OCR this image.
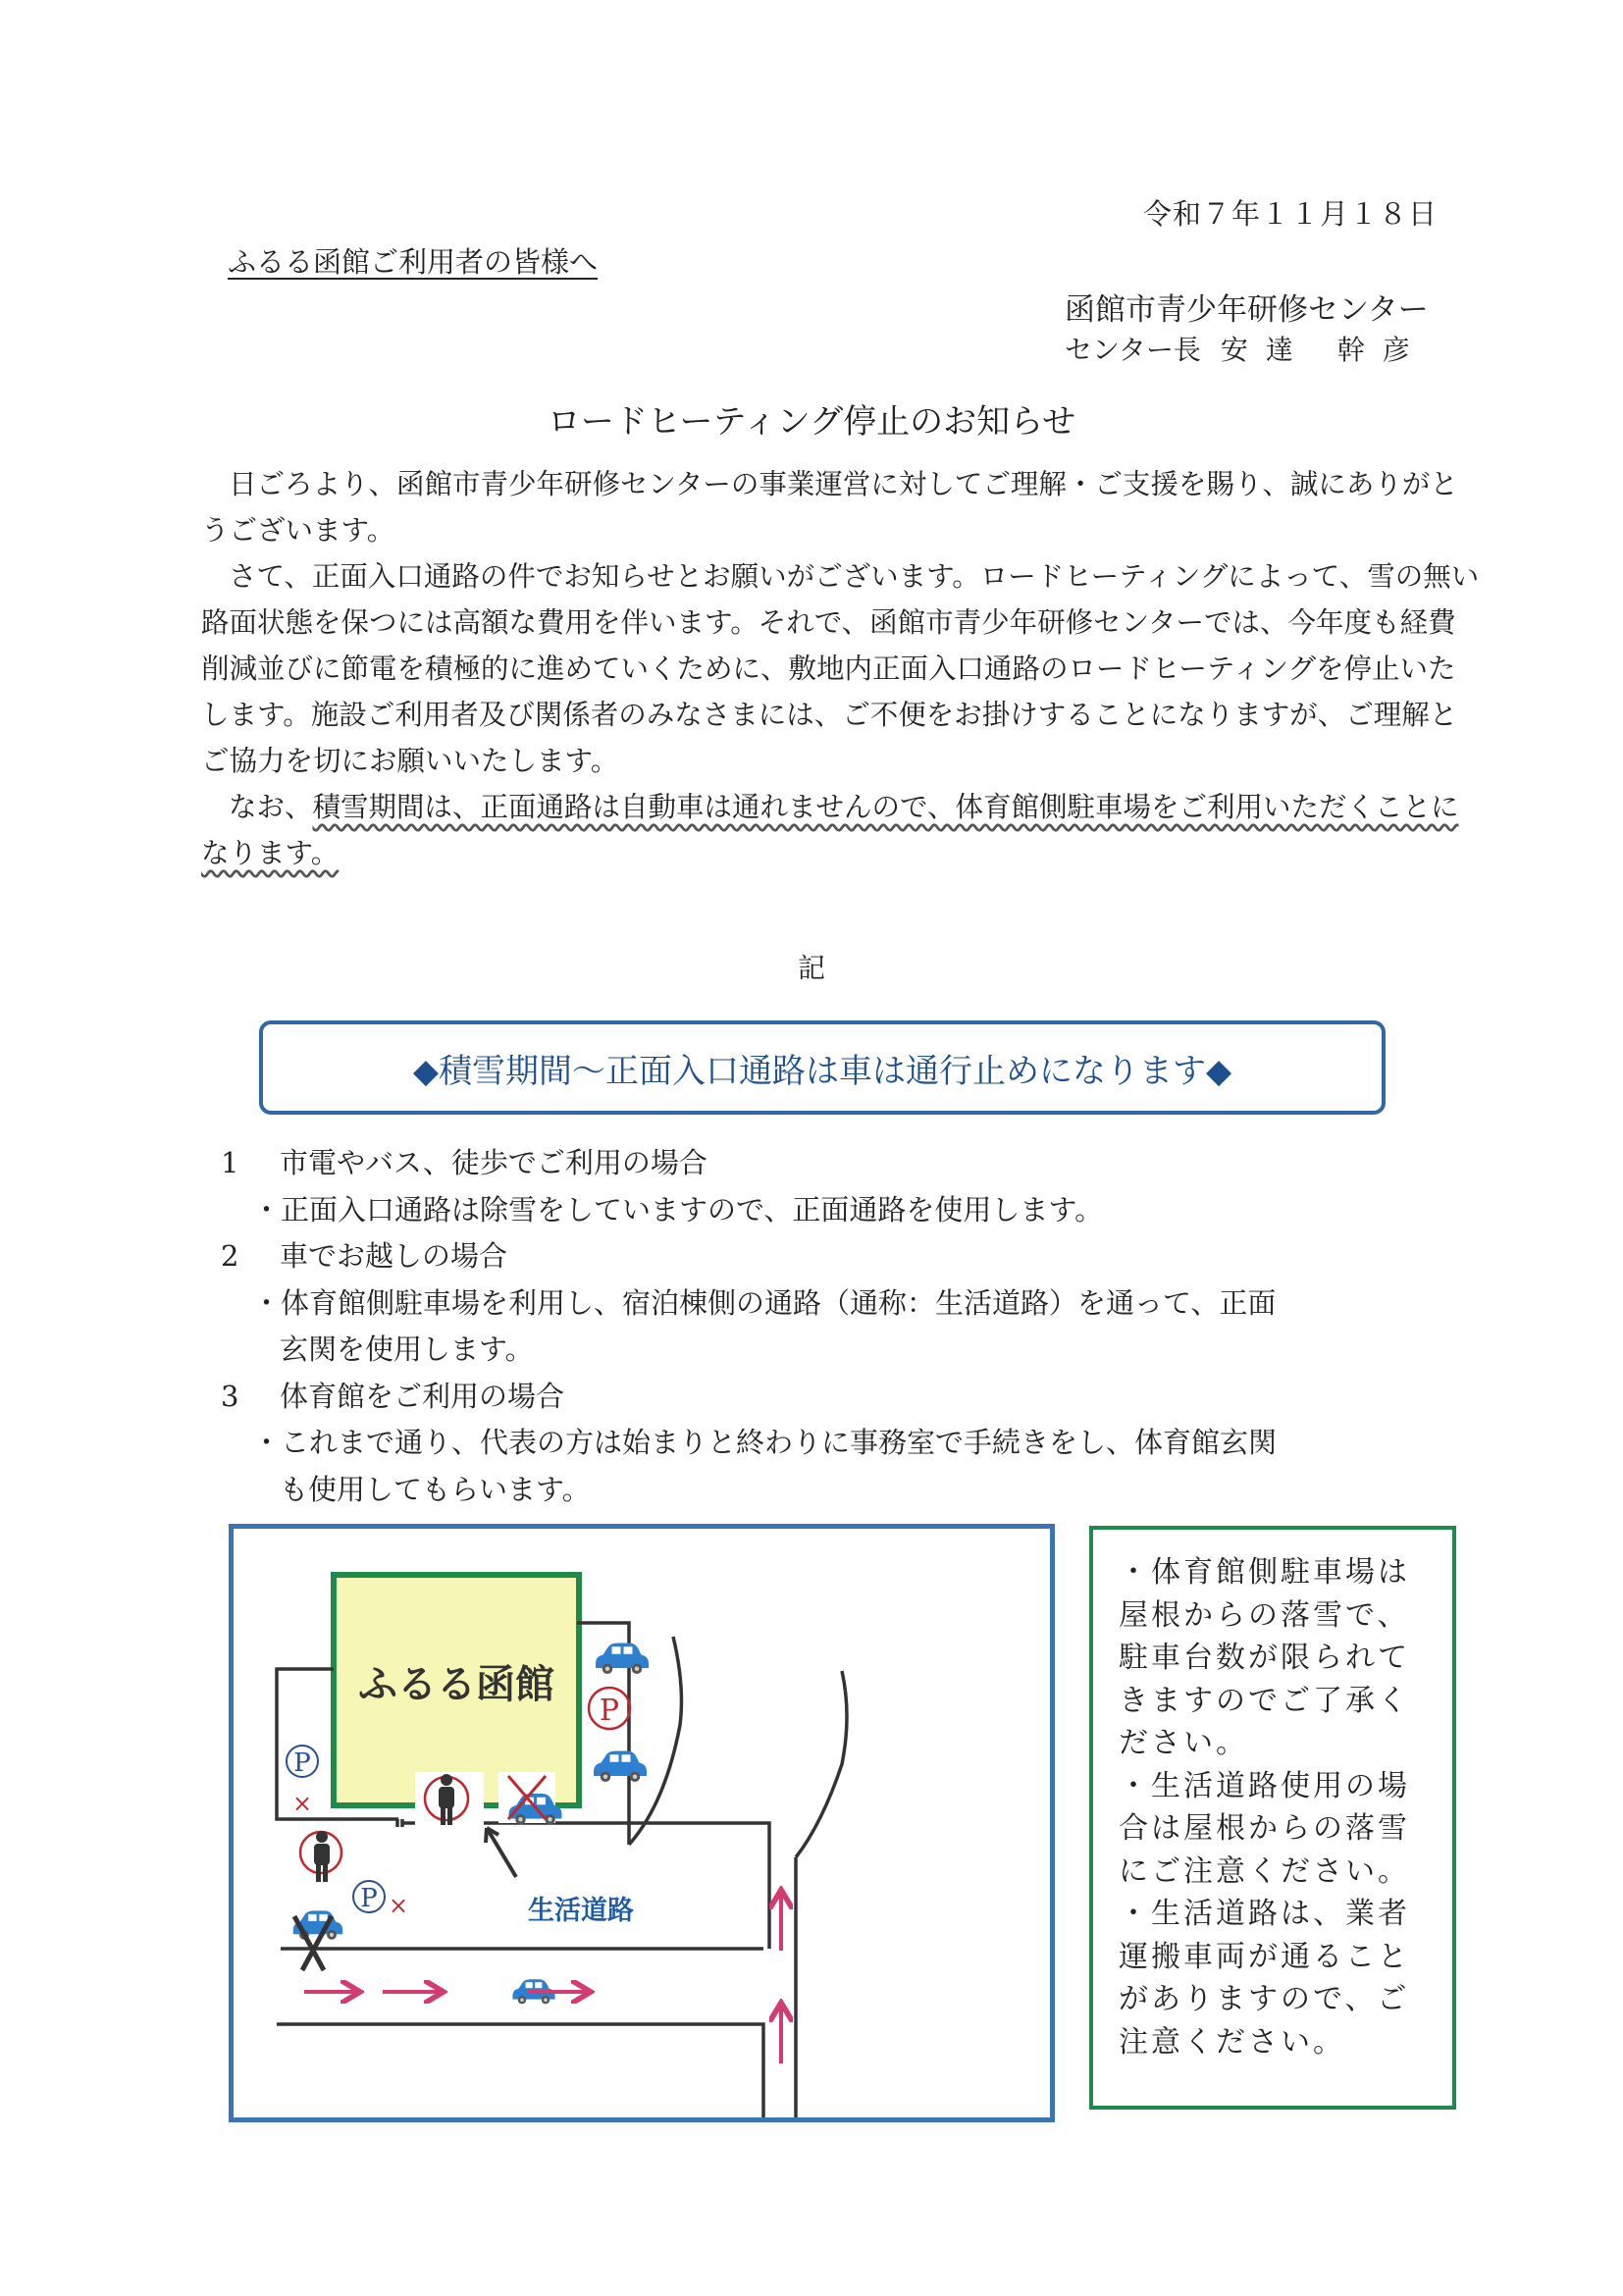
令和７年１１月１８日
ふるる函館ご利用者の皆様へ
函館市青少年研修センター
センター長 安達 幹彦
ロードヒーティング停止のお知らせ

日ごろより、函館市青少年研修センターの事業運営に対してご理解・ご支援を賜り、誠にありがとうございます。

さて、正面入口通路の件でお知らせとお願いがございます。ロードヒーティングによって、雪の無い路面状態を保つには高額な費用を伴います。それで、函館市青少年研修センターでは、今年度も経費削減並びに節電を積極的に進めていくために、敷地内正面入口通路のロードヒーティングを停止いたします。施設ご利用者及び関係者のみなさまには、ご不便をお掛けすることになりますが、ご理解とご協力を切にお願いいたします。

なお、積雪期間は、正面通路は自動車は通れませんので、体育館側駐車場をご利用いただくことになります。

記
◆積雪期間～正面入口通路は車は通行止めになります◆
1 市電やバス、徒歩でご利用の場合
・正面入口通路は除雪をしていますので、正面通路を使用します。
2 車でお越しの場合
・体育館側駐車場を利用し、宿泊棟側の通路（通称：生活道路）を通って、正面
玄関を使用します。
3 体育館をご利用の場合
・これまで通り、代表の方は始まりと終わりに事務室で手続きをし、体育館玄関
も使用してもらいます。
ふるる函館
P
×
P
P ×	生活道路

・体育館側駐車場は屋根からの落雪で、駐車台数が限られてきますのでご了承ください。

・生活道路使用の場合は屋根からの落雪にご注意ください。

・生活道路は、業者運搬車両が通ることがありますので、ご注意ください。
